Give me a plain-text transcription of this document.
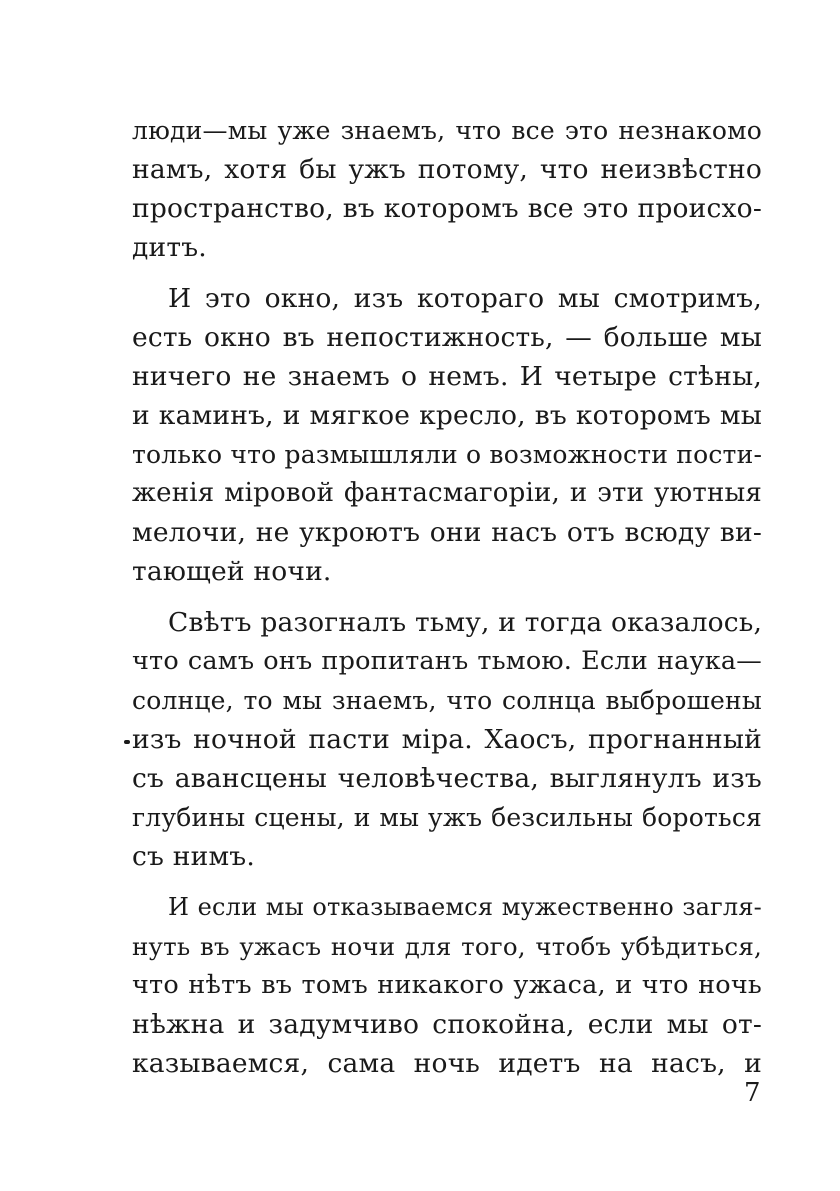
люди—мы уже знаемъ, что все это незнакомо
намъ, хотя бы ужъ потому, что неизвѣстно
пространство, въ которомъ все это происхо-
дитъ.
И это окно, изъ котораго мы смотримъ,
есть окно въ непостижность, — больше мы
ничего не знаемъ о немъ. И четыре стѣны,
и каминъ, и мягкое кресло, въ которомъ мы
только что размышляли о возможности пости-
женія міровой фантасмагоріи, и эти уютныя
мелочи, не укроютъ они насъ отъ всюду ви-
тающей ночи.
Свѣтъ разогналъ тьму, и тогда оказалось,
что самъ онъ пропитанъ тьмою. Если наука—
солнце, то мы знаемъ, что солнца выброшены
изъ ночной пасти міра. Хаосъ, прогнанный
съ авансцены человѣчества, выглянулъ изъ
глубины сцены, и мы ужъ безсильны бороться
съ нимъ.
И если мы отказываемся мужественно загля-
нуть въ ужасъ ночи для того, чтобъ убѣдиться,
что нѣтъ въ томъ никакого ужаса, и что ночь
нѣжна и задумчиво спокойна, если мы от-
казываемся, сама ночь идетъ на насъ, и
7
